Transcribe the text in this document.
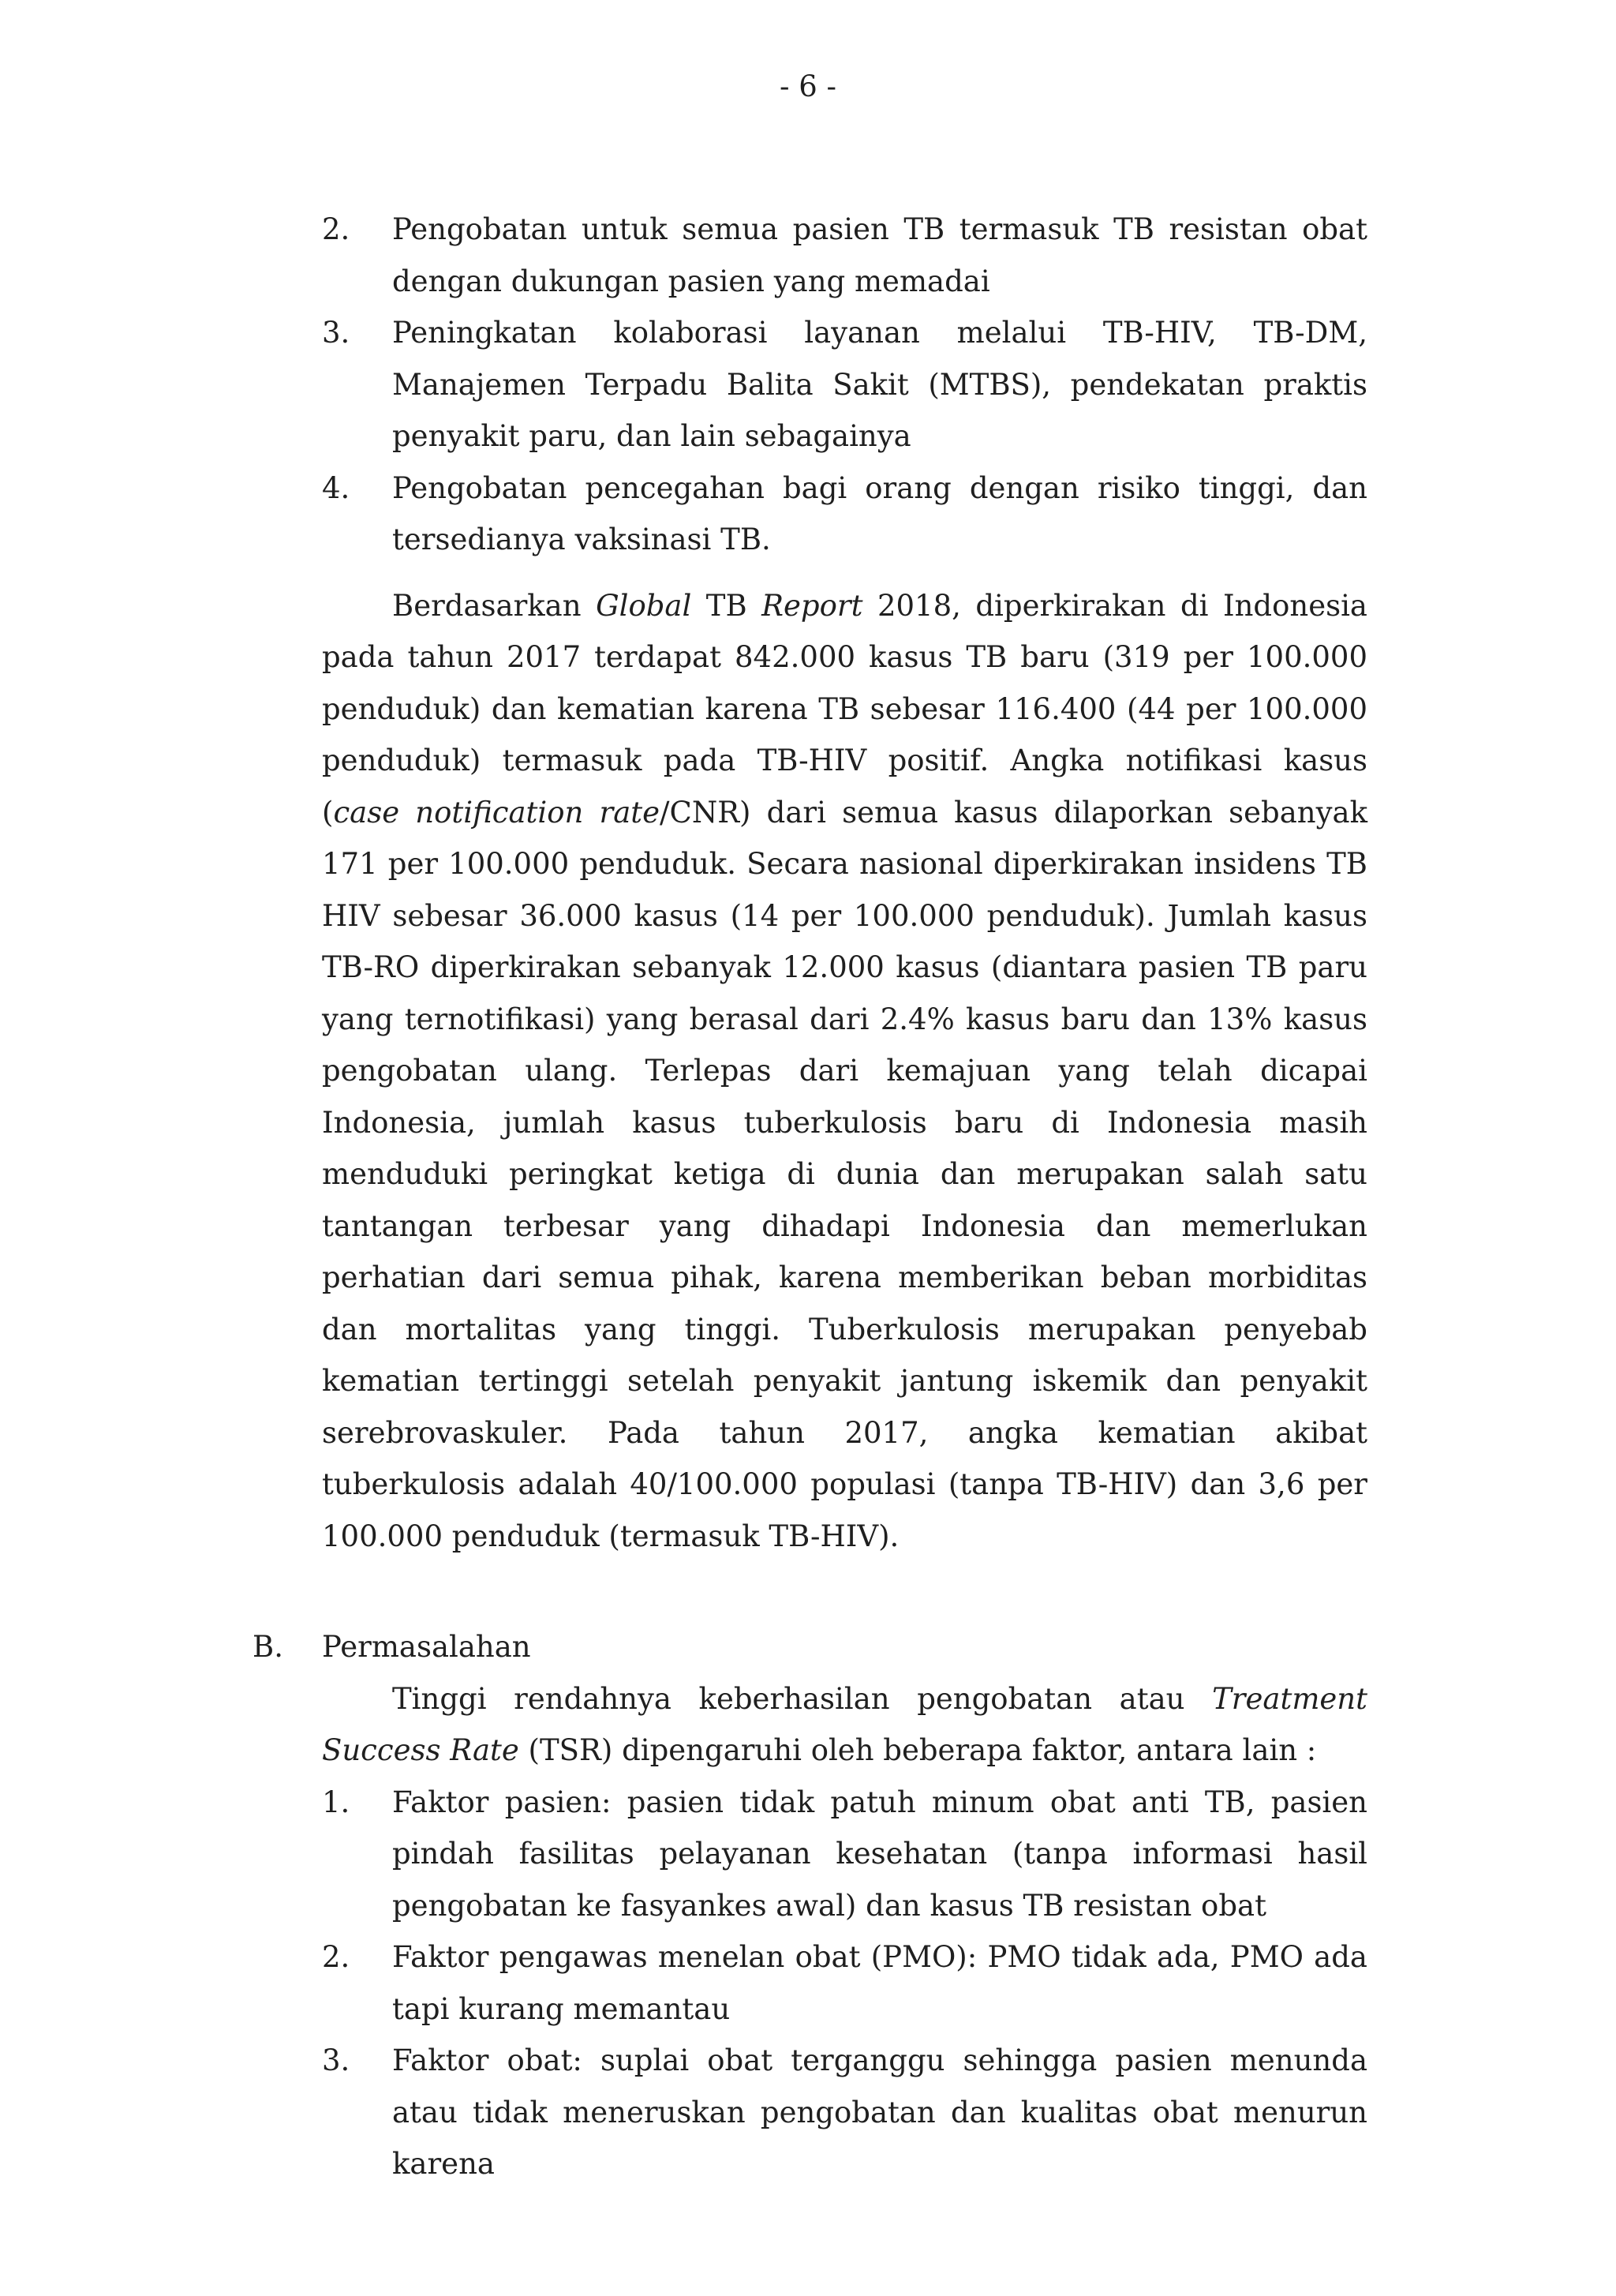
- 6 -
2. Pengobatan untuk semua pasien TB termasuk TB resistan obat dengan dukungan pasien yang memadai
3. Peningkatan kolaborasi layanan melalui TB-HIV, TB-DM, Manajemen Terpadu Balita Sakit (MTBS), pendekatan praktis penyakit paru, dan lain sebagainya
4. Pengobatan pencegahan bagi orang dengan risiko tinggi, dan tersedianya vaksinasi TB.

Berdasarkan Global TB Report 2018, diperkirakan di Indonesia pada tahun 2017 terdapat 842.000 kasus TB baru (319 per 100.000 penduduk) dan kematian karena TB sebesar 116.400 (44 per 100.000 penduduk) termasuk pada TB-HIV positif. Angka notifikasi kasus (case notification rate/CNR) dari semua kasus dilaporkan sebanyak 171 per 100.000 penduduk. Secara nasional diperkirakan insidens TB HIV sebesar 36.000 kasus (14 per 100.000 penduduk). Jumlah kasus TB-RO diperkirakan sebanyak 12.000 kasus (diantara pasien TB paru yang ternotifikasi) yang berasal dari 2.4% kasus baru dan 13% kasus pengobatan ulang. Terlepas dari kemajuan yang telah dicapai Indonesia, jumlah kasus tuberkulosis baru di Indonesia masih menduduki peringkat ketiga di dunia dan merupakan salah satu tantangan terbesar yang dihadapi Indonesia dan memerlukan perhatian dari semua pihak, karena memberikan beban morbiditas dan mortalitas yang tinggi. Tuberkulosis merupakan penyebab kematian tertinggi setelah penyakit jantung iskemik dan penyakit serebrovaskuler. Pada tahun 2017, angka kematian akibat tuberkulosis adalah 40/100.000 populasi (tanpa TB-HIV) dan 3,6 per 100.000 penduduk (termasuk TB-HIV).

B. Permasalahan

Tinggi rendahnya keberhasilan pengobatan atau Treatment Success Rate (TSR) dipengaruhi oleh beberapa faktor, antara lain :

1. Faktor pasien: pasien tidak patuh minum obat anti TB, pasien pindah fasilitas pelayanan kesehatan (tanpa informasi hasil pengobatan ke fasyankes awal) dan kasus TB resistan obat
2. Faktor pengawas menelan obat (PMO): PMO tidak ada, PMO ada tapi kurang memantau
3. Faktor obat: suplai obat terganggu sehingga pasien menunda atau tidak meneruskan pengobatan dan kualitas obat menurun karena
